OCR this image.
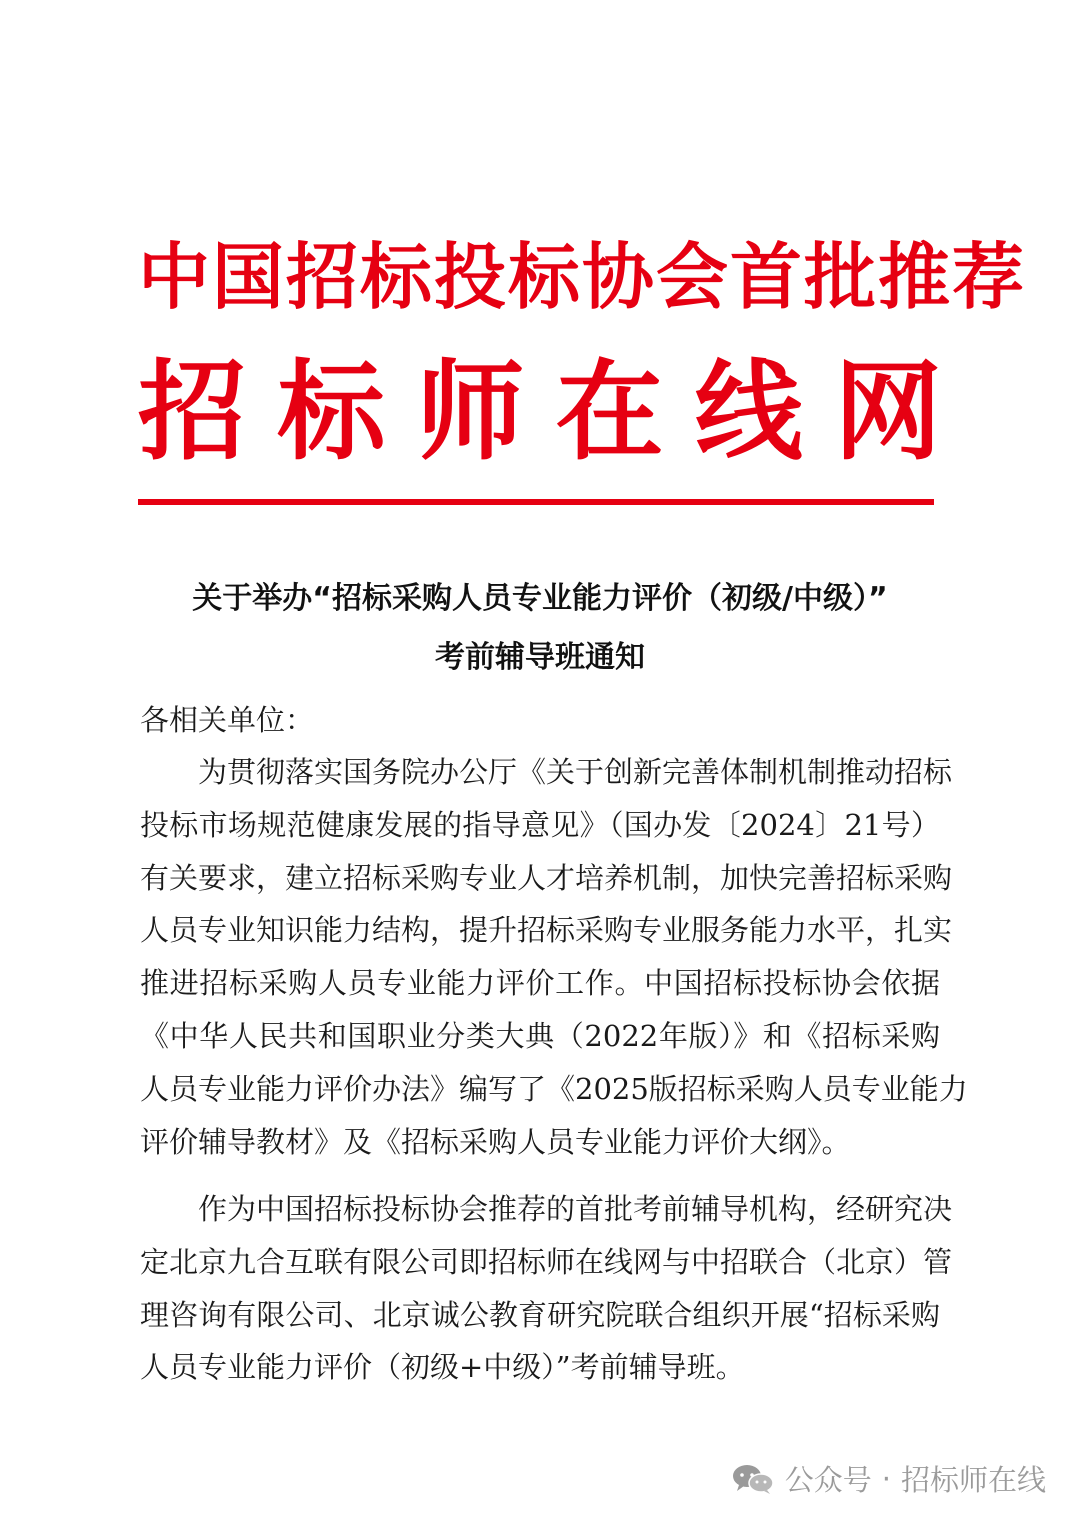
中国招标投标协会首批推荐
招 标 师 在 线 网
关于举办“招标采购人员专业能力评价（初级/中级）”
考前辅导班通知
各相关单位：
为贯彻落实国务院办公厅《关于创新完善体制机制推动招标
投标市场规范健康发展的指导意见》（国办发〔2024〕21号）
有关要求，建立招标采购专业人才培养机制，加快完善招标采购
人员专业知识能力结构，提升招标采购专业服务能力水平，扎实
推进招标采购人员专业能力评价工作。中国招标投标协会依据
《中华人民共和国职业分类大典（2022年版）》和《招标采购
人员专业能力评价办法》编写了《2025版招标采购人员专业能力
评价辅导教材》及《招标采购人员专业能力评价大纲》。
作为中国招标投标协会推荐的首批考前辅导机构，经研究决
定北京九合互联有限公司即招标师在线网与中招联合（北京）管
理咨询有限公司、北京诚公教育研究院联合组织开展“招标采购
人员专业能力评价（初级+中级）”考前辅导班。
公众号 · 招标师在线
